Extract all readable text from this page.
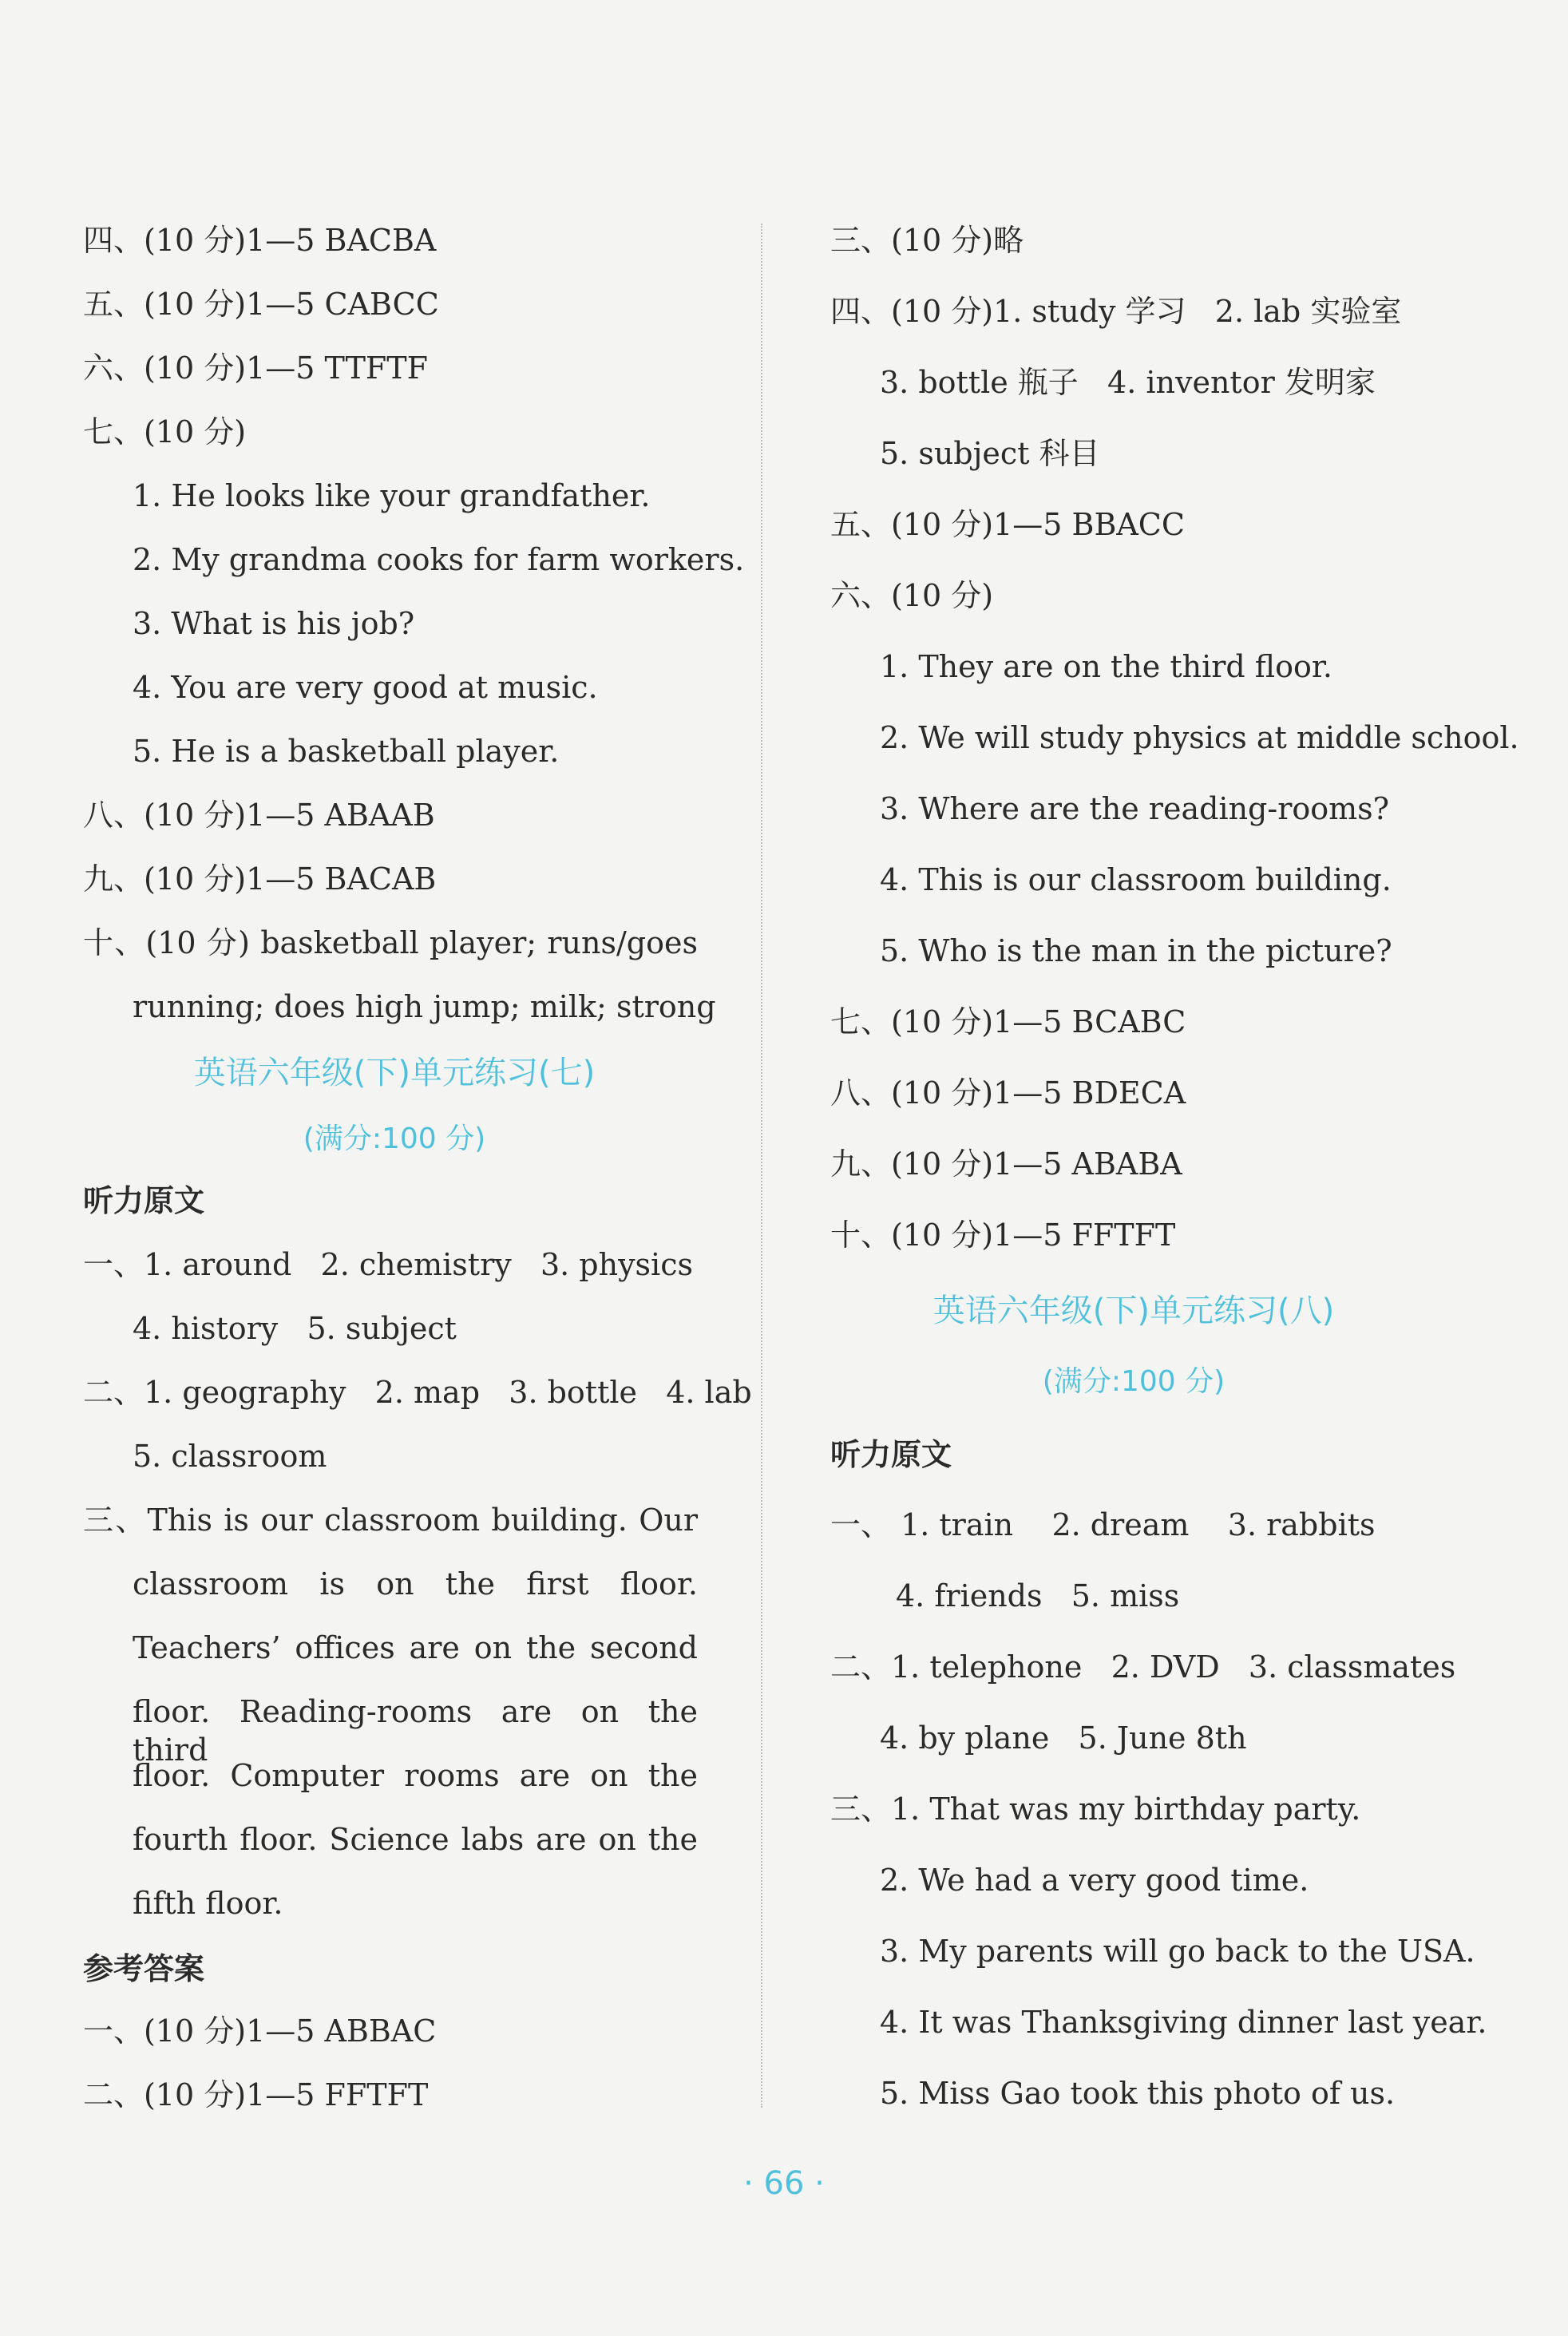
四、(10 分)1—5 BACBA
五、(10 分)1—5 CABCC
六、(10 分)1—5 TTFTF
七、(10 分)
1. He looks like your grandfather.
2. My grandma cooks for farm workers.
3. What is his job?
4. You are very good at music.
5. He is a basketball player.
八、(10 分)1—5 ABAAB
九、(10 分)1—5 BACAB
十、(10 分) basketball player; runs/goes
running; does high jump; milk; strong
英语六年级(下)单元练习(七)
(满分:100 分)
听力原文
一、1. around   2. chemistry   3. physics
4. history   5. subject
二、1. geography   2. map   3. bottle   4. lab
5. classroom
三、This is our classroom building. Our
classroom is on the first floor.
Teachers’ offices are on the second
floor. Reading-rooms are on the third
floor. Computer rooms are on the
fourth floor. Science labs are on the
fifth floor.
参考答案
一、(10 分)1—5 ABBAC
二、(10 分)1—5 FFTFT
三、(10 分)略
四、(10 分)1. study 学习   2. lab 实验室
3. bottle 瓶子   4. inventor 发明家
5. subject 科目
五、(10 分)1—5 BBACC
六、(10 分)
1. They are on the third floor.
2. We will study physics at middle school.
3. Where are the reading-rooms?
4. This is our classroom building.
5. Who is the man in the picture?
七、(10 分)1—5 BCABC
八、(10 分)1—5 BDECA
九、(10 分)1—5 ABABA
十、(10 分)1—5 FFTFT
英语六年级(下)单元练习(八)
(满分:100 分)
听力原文
一、 1. train    2. dream    3. rabbits
4. friends   5. miss
二、1. telephone   2. DVD   3. classmates
4. by plane   5. June 8th
三、1. That was my birthday party.
2. We had a very good time.
3. My parents will go back to the USA.
4. It was Thanksgiving dinner last year.
5. Miss Gao took this photo of us.
· 66 ·
